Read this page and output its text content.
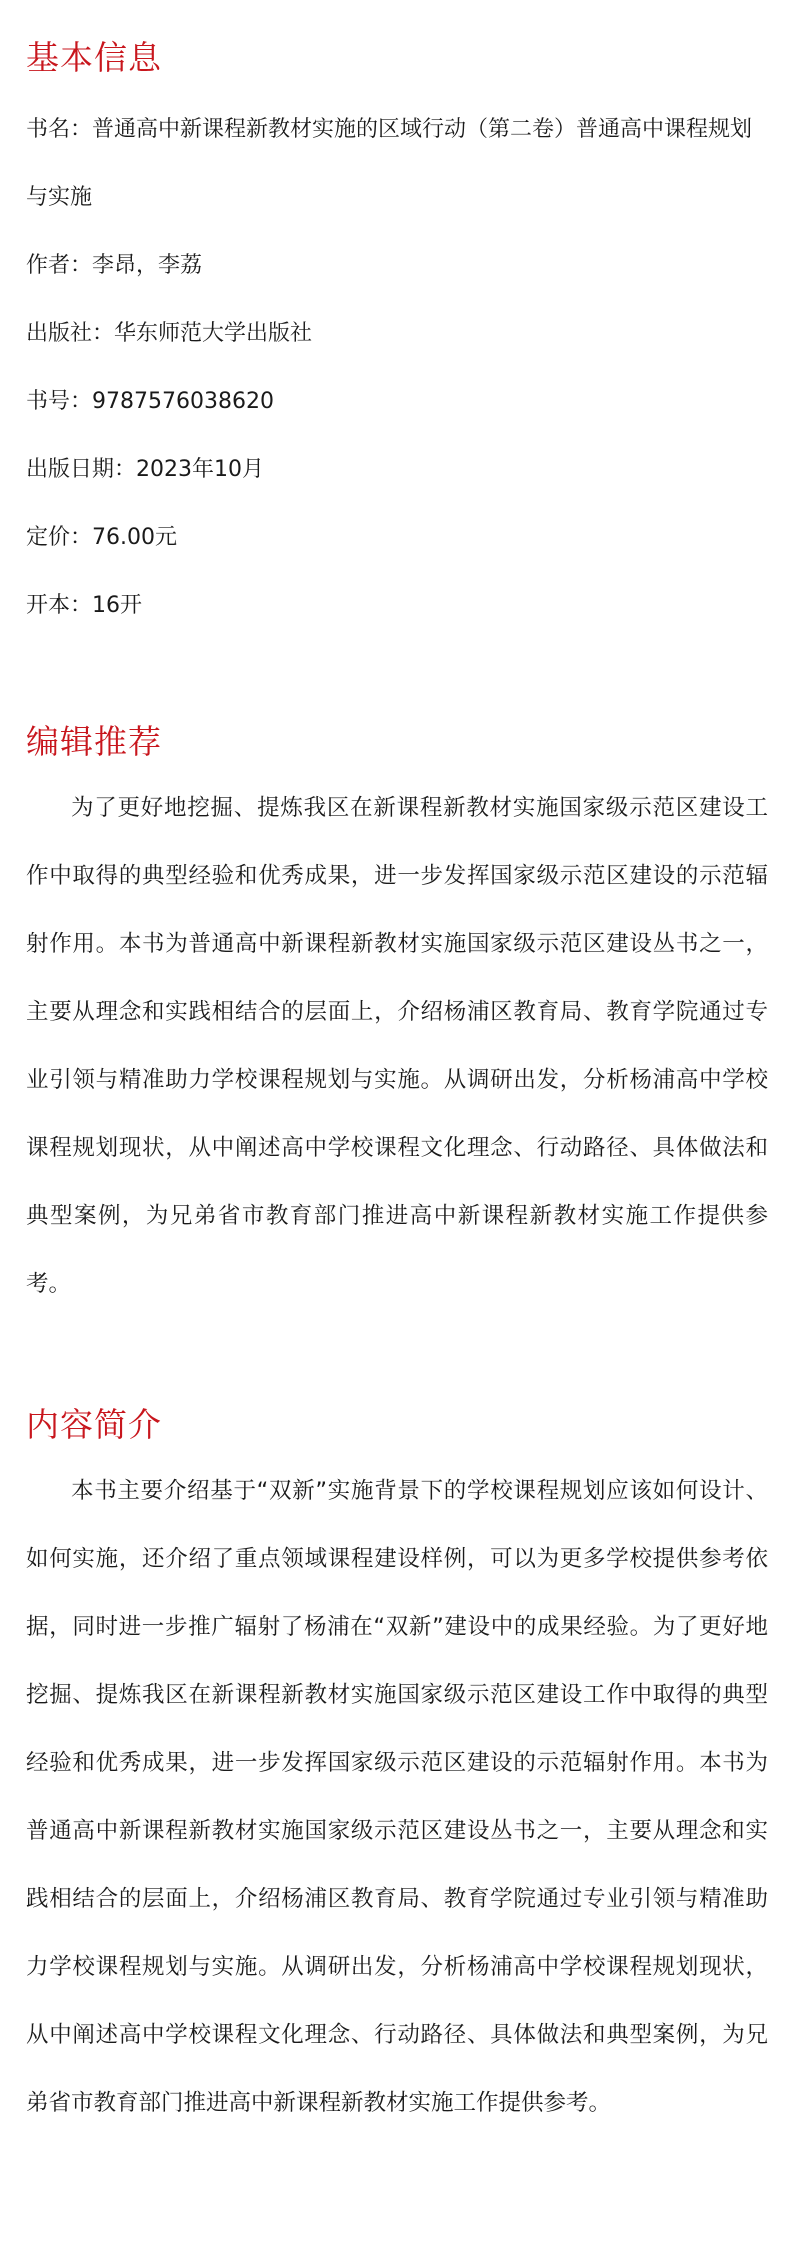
基本信息

书名：普通高中新课程新教材实施的区域行动（第二卷）普通高中课程规划与实施

作者：李昂，李荔

出版社：华东师范大学出版社

书号：9787576038620

出版日期：2023年10月

定价：76.00元

开本：16开

编辑推荐

为了更好地挖掘、提炼我区在新课程新教材实施国家级示范区建设工作中取得的典型经验和优秀成果，进一步发挥国家级示范区建设的示范辐射作用。本书为普通高中新课程新教材实施国家级示范区建设丛书之一，主要从理念和实践相结合的层面上，介绍杨浦区教育局、教育学院通过专业引领与精准助力学校课程规划与实施。从调研出发，分析杨浦高中学校课程规划现状，从中阐述高中学校课程文化理念、行动路径、具体做法和典型案例，为兄弟省市教育部门推进高中新课程新教材实施工作提供参考。

内容简介

本书主要介绍基于“双新”实施背景下的学校课程规划应该如何设计、如何实施，还介绍了重点领域课程建设样例，可以为更多学校提供参考依据，同时进一步推广辐射了杨浦在“双新”建设中的成果经验。为了更好地挖掘、提炼我区在新课程新教材实施国家级示范区建设工作中取得的典型经验和优秀成果，进一步发挥国家级示范区建设的示范辐射作用。本书为普通高中新课程新教材实施国家级示范区建设丛书之一，主要从理念和实践相结合的层面上，介绍杨浦区教育局、教育学院通过专业引领与精准助力学校课程规划与实施。从调研出发，分析杨浦高中学校课程规划现状，从中阐述高中学校课程文化理念、行动路径、具体做法和典型案例，为兄弟省市教育部门推进高中新课程新教材实施工作提供参考。
